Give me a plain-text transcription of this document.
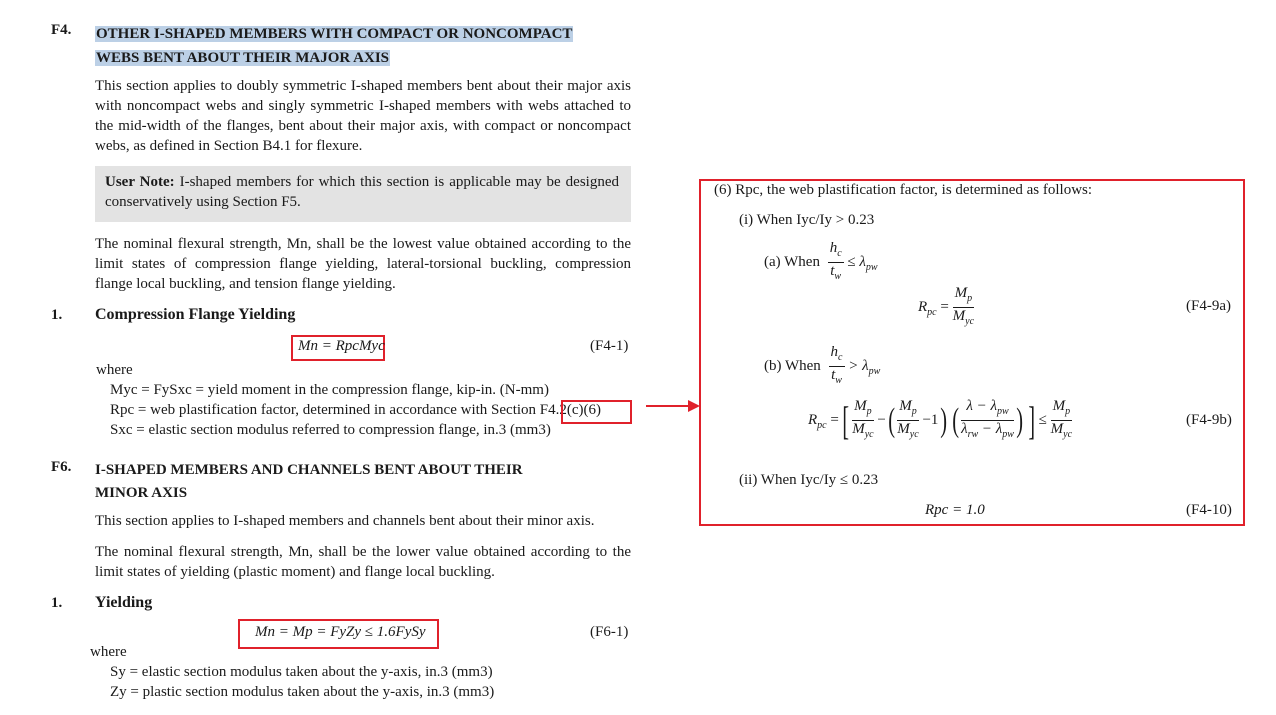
F4. OTHER I-SHAPED MEMBERS WITH COMPACT OR NONCOMPACT
WEBS BENT ABOUT THEIR MAJOR AXIS
This section applies to doubly symmetric I-shaped members bent about their major axis with noncompact webs and singly symmetric I-shaped members with webs attached to the mid-width of the flanges, bent about their major axis, with compact or noncompact webs, as defined in Section B4.1 for flexure.
User Note: I-shaped members for which this section is applicable may be designed conservatively using Section F5.
The nominal flexural strength, Mn, shall be the lowest value obtained according to the limit states of compression flange yielding, lateral-torsional buckling, compression flange local buckling, and tension flange yielding.
1. Compression Flange Yielding
Mn = RpcMyc	(F4-1)
where
Myc = FySxc = yield moment in the compression flange, kip-in. (N-mm)
Rpc = web plastification factor, determined in accordance with Section F4.2(c)(6)
Sxc = elastic section modulus referred to compression flange, in.3 (mm3)
F6. I-SHAPED MEMBERS AND CHANNELS BENT ABOUT THEIR
MINOR AXIS
This section applies to I-shaped members and channels bent about their minor axis.
The nominal flexural strength, Mn, shall be the lower value obtained according to the limit states of yielding (plastic moment) and flange local buckling.
1. Yielding
Mn = Mp = FyZy ≤ 1.6FySy	(F6-1)
where
Sy = elastic section modulus taken about the y-axis, in.3 (mm3)
Zy = plastic section modulus taken about the y-axis, in.3 (mm3)
(6) Rpc, the web plastification factor, is determined as follows:
(i) When Iyc/Iy > 0.23
(a) When $\frac{h_c}{t_w} \le \lambda_{pw}$
$R_{pc} = \frac{M_p}{M_{yc}}$	(F4-9a)
(b) When $\frac{h_c}{t_w} > \lambda_{pw}$
$R_{pc}$ =[ $\frac{M_p}{M_{yc}}$ −( $\frac{M_p}{M_{yc}} -1$) ( $\frac{\lambda - \lambda_{pw}}{\lambda_{rw} - \lambda_{pw}}$ ) ] ≤ $\frac{M_p}{M_{yc}}$	(F4-9b)
(ii) When Iyc/Iy ≤ 0.23
Rpc = 1.0	(F4-10)
